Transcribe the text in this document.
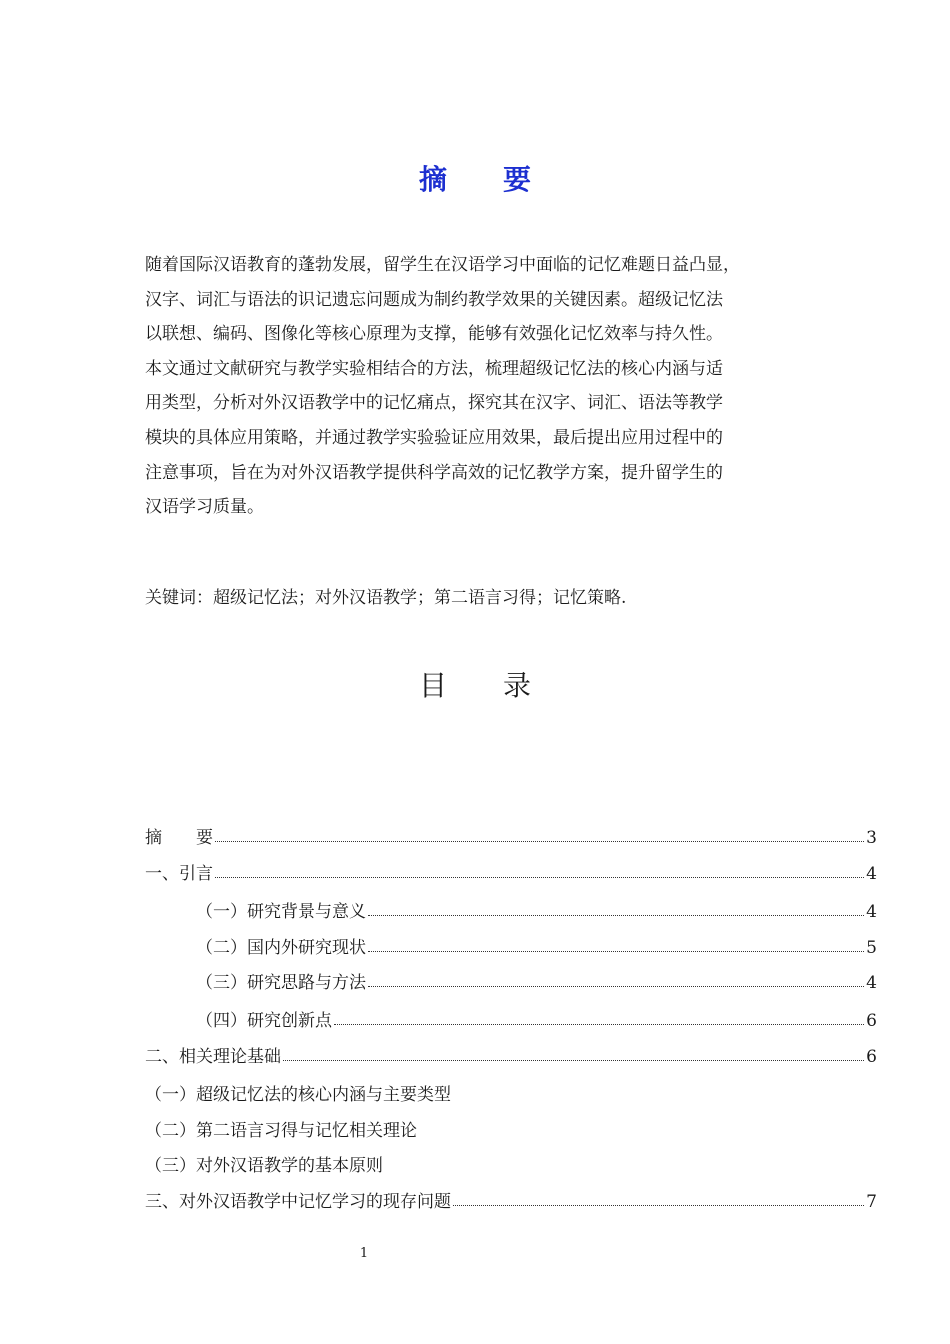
摘　　要
随着国际汉语教育的蓬勃发展，留学生在汉语学习中面临的记忆难题日益凸显，
汉字、词汇与语法的识记遗忘问题成为制约教学效果的关键因素。超级记忆法
以联想、编码、图像化等核心原理为支撑，能够有效强化记忆效率与持久性。
本文通过文献研究与教学实验相结合的方法，梳理超级记忆法的核心内涵与适
用类型，分析对外汉语教学中的记忆痛点，探究其在汉字、词汇、语法等教学
模块的具体应用策略，并通过教学实验验证应用效果，最后提出应用过程中的
注意事项，旨在为对外汉语教学提供科学高效的记忆教学方案，提升留学生的
汉语学习质量。
关键词：超级记忆法；对外汉语教学；第二语言习得；记忆策略.
目　　录
摘　　要	3
一、引言	4
（一）研究背景与意义	4
（二）国内外研究现状	5
（三）研究思路与方法	4
（四）研究创新点	6
二、相关理论基础	6
（一）超级记忆法的核心内涵与主要类型
（二）第二语言习得与记忆相关理论
（三）对外汉语教学的基本原则
三、对外汉语教学中记忆学习的现存问题	7
1
